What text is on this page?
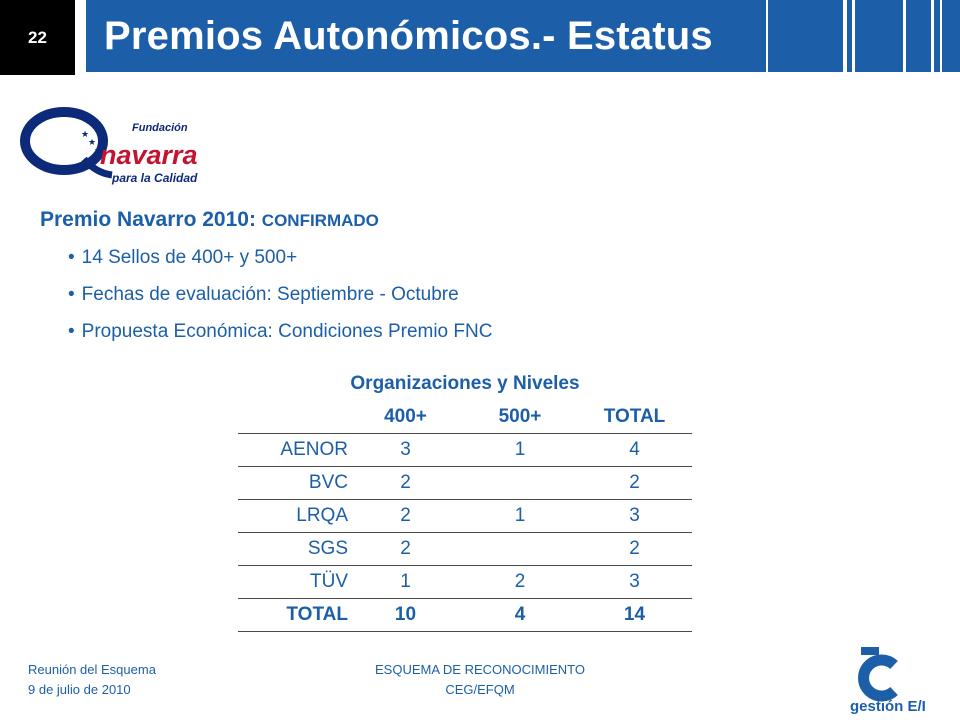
22	Premios Autonómicos.- Estatus
★
★
★
Fundación
navarra
para la Calidad
Premio Navarro 2010: CONFIRMADO
• 14 Sellos de 400+ y 500+
• Fechas de evaluación: Septiembre - Octubre
• Propuesta Económica: Condiciones Premio FNC
Organizaciones y Niveles
	400+	500+	TOTAL
AENOR	3	1	4
BVC	2		2
LRQA	2	1	3
SGS	2		2
TÜV	1	2	3
TOTAL	10	4	14
Reunión del Esquema
9 de julio de 2010
ESQUEMA DE RECONOCIMIENTO
CEG/EFQM
gestión E/I
